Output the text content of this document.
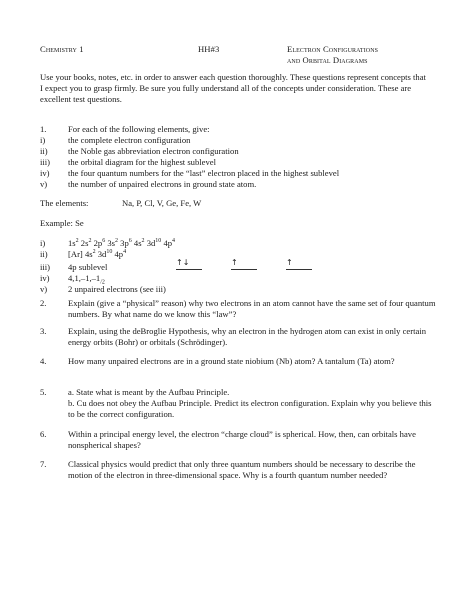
Chemistry 1	HH#3	Electron Configurations
and Orbital Diagrams

Use your books, notes, etc. in order to answer each question thoroughly. These questions represent concepts that I expect you to grasp firmly. Be sure you fully understand all of the concepts under consideration. These are excellent test questions.

1.	For each of the following elements, give:
i)	the complete electron configuration
ii) the Noble gas abbreviation electron configuration
iii) the orbital diagram for the highest sublevel
iv) the four quantum numbers for the “last” electron placed in the highest sublevel
v) the number of unpaired electrons in ground state atom.
The elements:	Na, P, Cl, V, Ge, Fe, W
Example: Se
i)	$1s^2$ $2s^2$ $2p^6$ $3s^2$ $3p^6$ $4s^2$ $3d^{10}$ $4p^4$
ii) [Ar] $4s^2$ $3d^{10}$ $4p^4$
iii) 4p sublevel	↑↓	↑	↑
iv) $4,1,-1,-1_{/2}$
v) 2 unpaired electrons (see iii)
2.	Explain (give a “physical” reason) why two electrons in an atom cannot have the same set of four quantum numbers. By what name do we know this “law”?

3.	Explain, using the deBroglie Hypothesis, why an electron in the hydrogen atom can exist in only certain energy orbits (Bohr) or orbitals (Schrödinger).

4.	How many unpaired electrons are in a ground state niobium (Nb) atom? A tantalum (Ta) atom?

5.	a. State what is meant by the Aufbau Principle.

b. Cu does not obey the Aufbau Principle. Predict its electron configuration. Explain why you believe this to be the correct configuration.

6.	Within a principal energy level, the electron “charge cloud” is spherical. How, then, can orbitals have nonspherical shapes?

7.	Classical physics would predict that only three quantum numbers should be necessary to describe the motion of the electron in three-dimensional space. Why is a fourth quantum number needed?
